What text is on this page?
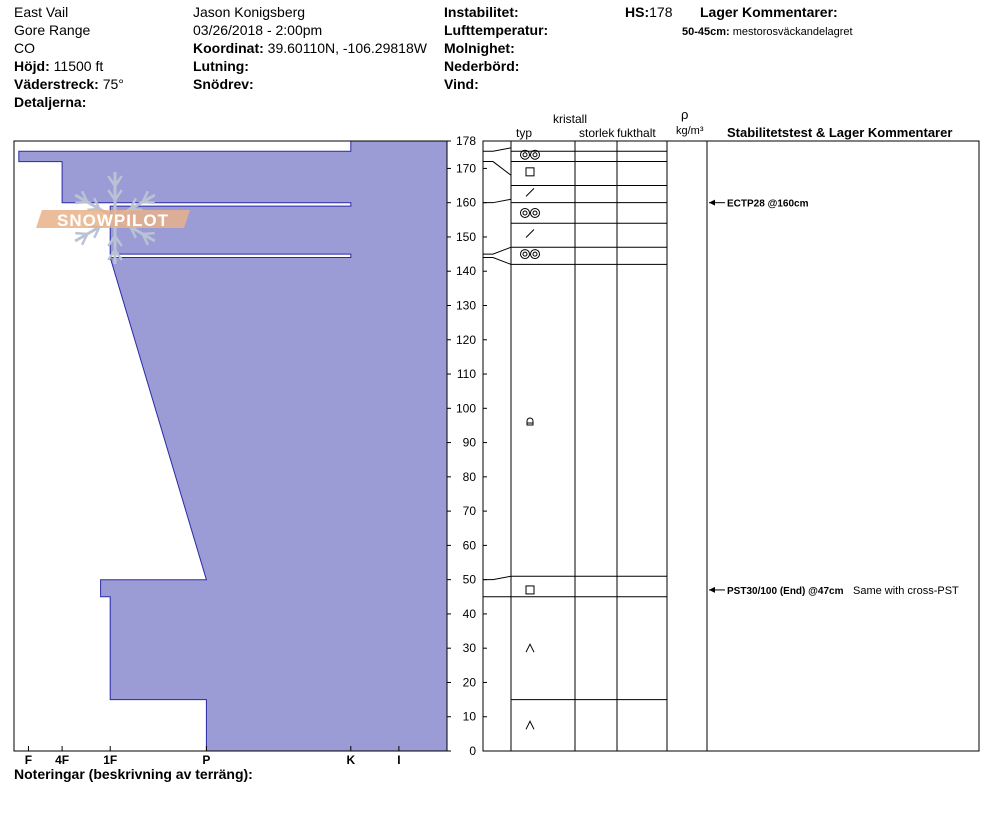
East Vail
Gore Range
CO
Höjd: 11500 ft
Väderstreck: 75°
Detaljerna:
Jason Konigsberg
03/26/2018 - 2:00pm
Koordinat: 39.60110N, -106.29818W
Lutning:
Snödrev:
Instabilitet:
Lufttemperatur:
Molnighet:
Nederbörd:
Vind:
HS:178 Lager Kommentarer:
50-45cm: mestorosväckandelagret
kristall
typ	storlek fukthalt
ρ
kg/m³ Stabilitetstest & Lager Kommentarer
0
10
20
30
40
50
60
70
80
90
100
110
120
130
140
150
160
170
178
I
K
P
1F
4F
F
ECTP28 @160cm
PST30/100 (End) @47cm Same with cross-PST
SNOWPILOT
Noteringar (beskrivning av terräng):
